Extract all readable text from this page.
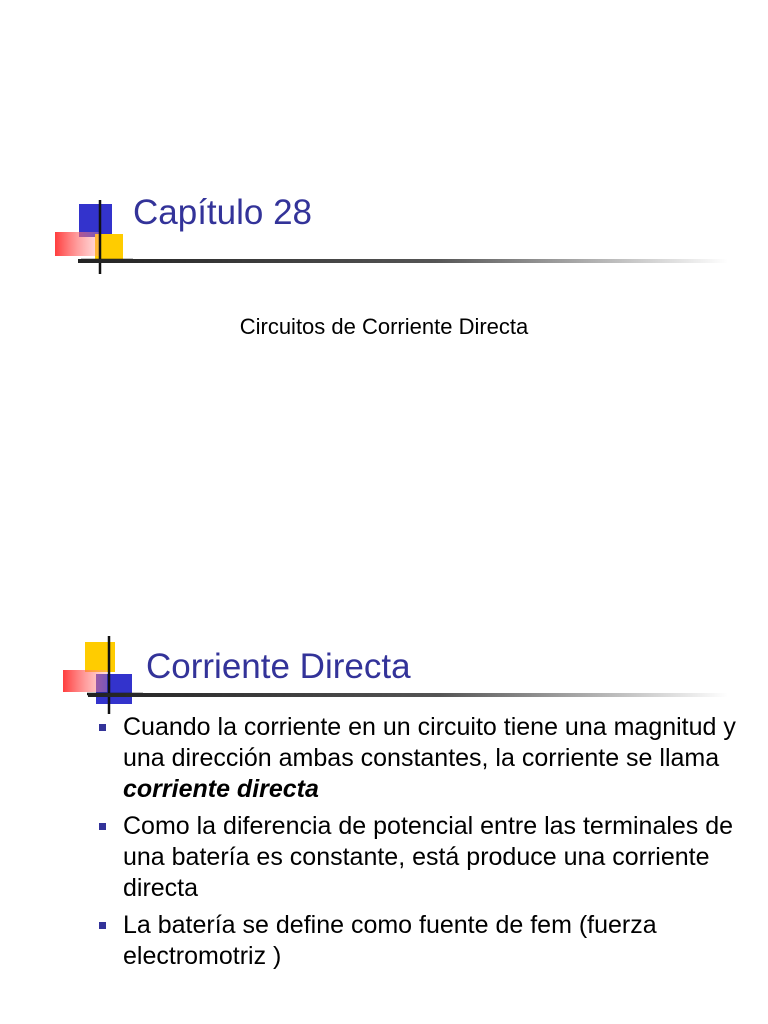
Capítulo 28

Circuitos de Corriente Directa

Corriente Directa
Cuando la corriente en un circuito tiene una magnitud y una dirección ambas constantes, la corriente se llama corriente directa
Como la diferencia de potencial entre las terminales de una batería es constante, está produce una corriente directa
La batería se define como fuente de fem (fuerza electromotriz )
